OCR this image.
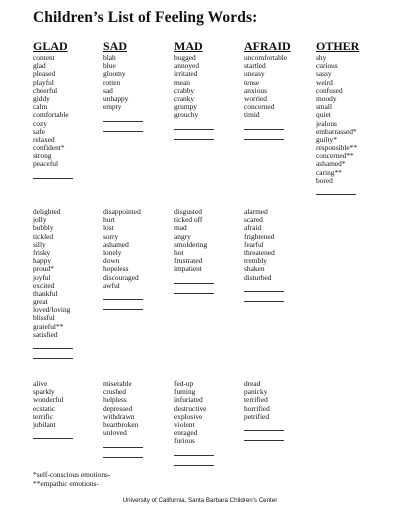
Children’s List of Feeling Words:
GLAD
content
glad
pleased
playful
cheerful
giddy
calm
comfortable
cozy
safe
relaxed
confident*
strong
peaceful
delighted
jolly
bubbly
tickled
silly
frisky
happy
proud*
joyful
excited
thankful
great
loved/loving
blissful
grateful**
satisfied
alive
sparkly
wonderful
ecstatic
terrific
jubilant
SAD
blah
blue
gloomy
rotten
sad
unhappy
empty
disappointed
hurt
lost
sorry
ashamed
lonely
down
hopeless
discouraged
awful
miserable
crushed
helpless
depressed
withdrawn
heartbroken
unloved
MAD
bugged
annoyed
irritated
mean
crabby
cranky
grumpy
grouchy
disgusted
ticked off
mad
angry
smoldering
hot
frustrated
impatient
fed-up
fuming
infuriated
destructive
explosive
violent
enraged
furious
AFRAID
uncomfortable
startled
uneasy
tense
anxious
worried
concerned
timid
alarmed
scared
afraid
frightened
fearful
threatened
trembly
shaken
disturbed
dread
panicky
terrified
horrified
petrified
OTHER
shy
curious
sassy
weird
confused
moody
small
quiet
jealous
embarrassed*
guilty*
responsible**
concerned**
ashamed*
caring**
bored
*self-conscious emotions-
**empathic emotions-
University of California, Santa Barbara Children's Center
